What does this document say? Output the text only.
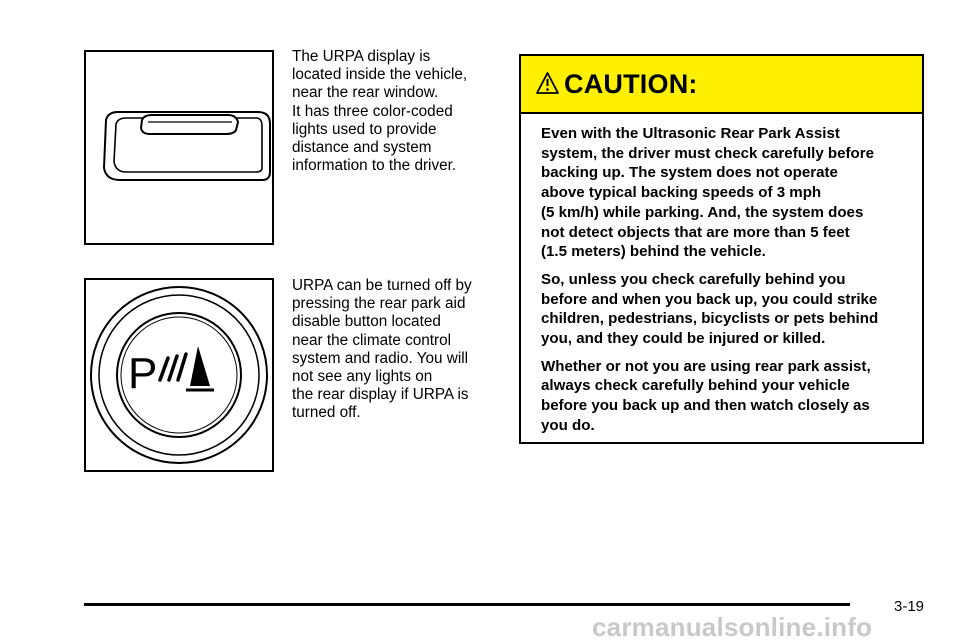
The URPA display is
located inside the vehicle,
near the rear window.
It has three color-coded
lights used to provide
distance and system
information to the driver.

P

URPA can be turned off by
pressing the rear park aid
disable button located
near the climate control
system and radio. You will
not see any lights on
the rear display if URPA is
turned off.

CAUTION:

Even with the Ultrasonic Rear Park Assist
system, the driver must check carefully before
backing up. The system does not operate
above typical backing speeds of 3 mph
(5 km/h) while parking. And, the system does
not detect objects that are more than 5 feet
(1.5 meters) behind the vehicle.

So, unless you check carefully behind you
before and when you back up, you could strike
children, pedestrians, bicyclists or pets behind
you, and they could be injured or killed.

Whether or not you are using rear park assist,
always check carefully behind your vehicle
before you back up and then watch closely as
you do.

3-19
carmanualsonline.info
